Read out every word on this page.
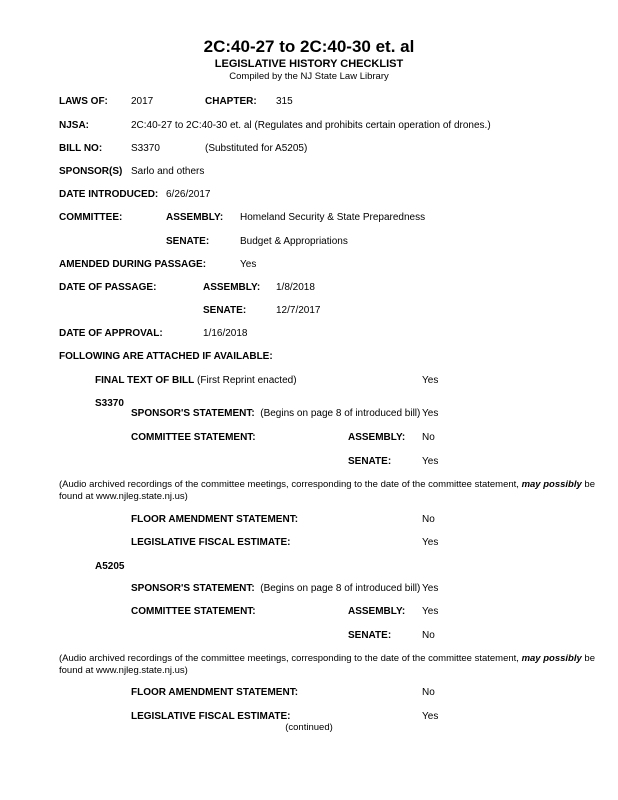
2C:40-27 to 2C:40-30 et. al
LEGISLATIVE HISTORY CHECKLIST
Compiled by the NJ State Law Library
LAWS OF: 2017	CHAPTER: 315
NJSA:	2C:40-27 to 2C:40-30 et. al (Regulates and prohibits certain operation of drones.)
BILL NO:	S3370	(Substituted for A5205)
SPONSOR(S) Sarlo and others
DATE INTRODUCED: 6/26/2017
COMMITTEE:	ASSEMBLY: Homeland Security & State Preparedness
SENATE:	Budget & Appropriations
AMENDED DURING PASSAGE:	Yes
DATE OF PASSAGE:	ASSEMBLY: 1/8/2018
SENATE:	12/7/2017
DATE OF APPROVAL:	1/16/2018
FOLLOWING ARE ATTACHED IF AVAILABLE:
FINAL TEXT OF BILL (First Reprint enacted)	Yes
S3370
SPONSOR'S STATEMENT: (Begins on page 8 of introduced bill) Yes
COMMITTEE STATEMENT:	ASSEMBLY: No
SENATE:	Yes
(Audio archived recordings of the committee meetings, corresponding to the date of the committee statement, may possibly be found at www.njleg.state.nj.us)
FLOOR AMENDMENT STATEMENT:	No
LEGISLATIVE FISCAL ESTIMATE:	Yes
A5205
SPONSOR'S STATEMENT: (Begins on page 8 of introduced bill) Yes
COMMITTEE STATEMENT:	ASSEMBLY: Yes
SENATE:	No
(Audio archived recordings of the committee meetings, corresponding to the date of the committee statement, may possibly be found at www.njleg.state.nj.us)
FLOOR AMENDMENT STATEMENT:	No
LEGISLATIVE FISCAL ESTIMATE:	Yes
(continued)
